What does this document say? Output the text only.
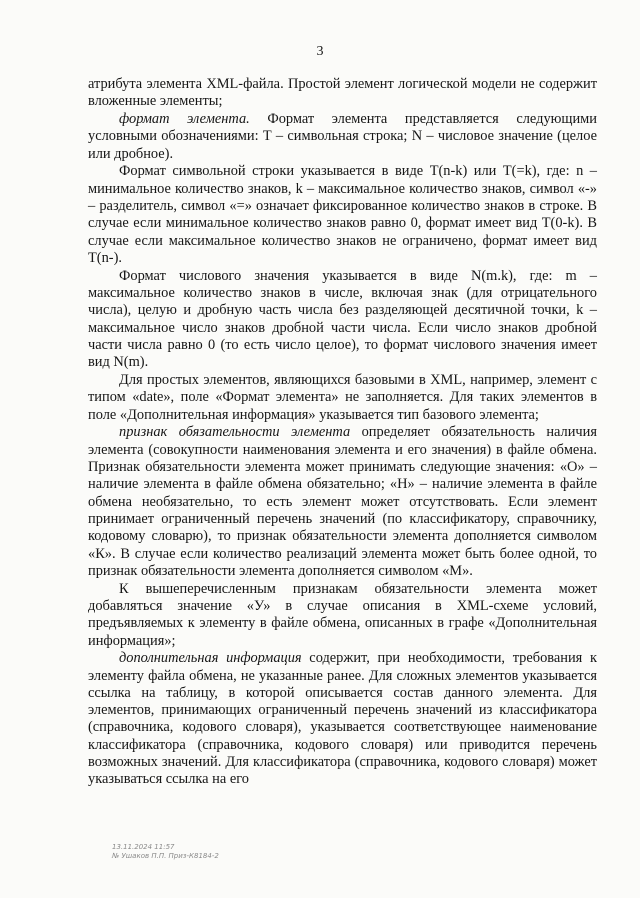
3

атрибута элемента XML-файла. Простой элемент логической модели не содержит вложенные элементы;

формат элемента. Формат элемента представляется следующими условными обозначениями: Т – символьная строка; N – числовое значение (целое или дробное).

Формат символьной строки указывается в виде Т(n-k) или Т(=k), где: n – минимальное количество знаков, k – максимальное количество знаков, символ «-» – разделитель, символ «=» означает фиксированное количество знаков в строке. В случае если минимальное количество знаков равно 0, формат имеет вид Т(0-k). В случае если максимальное количество знаков не ограничено, формат имеет вид Т(n-).

Формат числового значения указывается в виде N(m.k), где: m – максимальное количество знаков в числе, включая знак (для отрицательного числа), целую и дробную часть числа без разделяющей десятичной точки, k – максимальное число знаков дробной части числа. Если число знаков дробной части числа равно 0 (то есть число целое), то формат числового значения имеет вид N(m).

Для простых элементов, являющихся базовыми в XML, например, элемент с типом «date», поле «Формат элемента» не заполняется. Для таких элементов в поле «Дополнительная информация» указывается тип базового элемента;

признак обязательности элемента определяет обязательность наличия элемента (совокупности наименования элемента и его значения) в файле обмена. Признак обязательности элемента может принимать следующие значения: «О» – наличие элемента в файле обмена обязательно; «Н» – наличие элемента в файле обмена необязательно, то есть элемент может отсутствовать. Если элемент принимает ограниченный перечень значений (по классификатору, справочнику, кодовому словарю), то признак обязательности элемента дополняется символом «К». В случае если количество реализаций элемента может быть более одной, то признак обязательности элемента дополняется символом «М».

К вышеперечисленным признакам обязательности элемента может добавляться значение «У» в случае описания в XML-схеме условий, предъявляемых к элементу в файле обмена, описанных в графе «Дополнительная информация»;

дополнительная информация содержит, при необходимости, требования к элементу файла обмена, не указанные ранее. Для сложных элементов указывается ссылка на таблицу, в которой описывается состав данного элемента. Для элементов, принимающих ограниченный перечень значений из классификатора (справочника, кодового словаря), указывается соответствующее наименование классификатора (справочника, кодового словаря) или приводится перечень возможных значений. Для классификатора (справочника, кодового словаря) может указываться ссылка на его

13.11.2024 11:57
№ Ушаков П.П. Приз-К8184-2
